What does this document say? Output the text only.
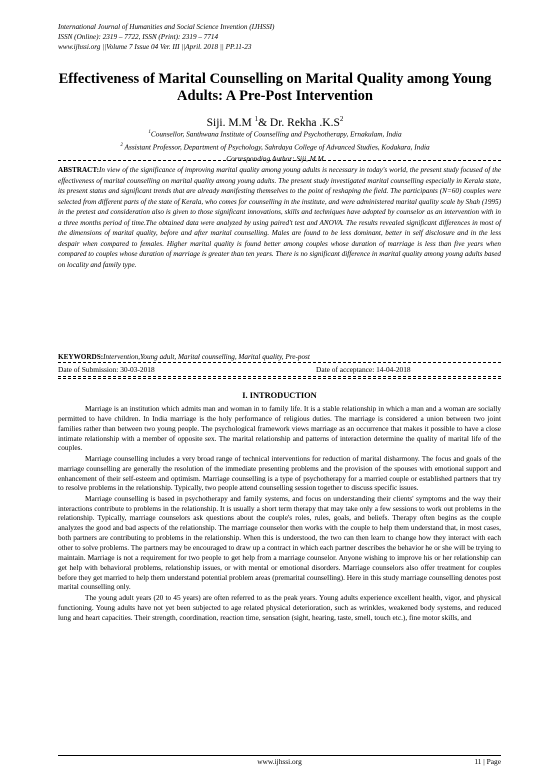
International Journal of Humanities and Social Science Invention (IJHSSI)
ISSN (Online): 2319 – 7722, ISSN (Print): 2319 – 7714
www.ijhssi.org ||Volume 7 Issue 04 Ver. III ||April. 2018 || PP.11-23
Effectiveness of Marital Counselling on Marital Quality among Young Adults: A Pre-Post Intervention
Siji. M.M $^1$& Dr. Rekha $.K.S^2$
$^1$Counsellor, Santhwana Institute of Counselling and Psychotherapy, Ernakulam, India
$^2$ Assistant Professor, Department of Psychology, Sahrdaya College of Advanced Studies, Kodakara, India
Corresponding Author: Siji, M.M
ABSTRACT:In view of the significance of improving marital quality among young adults is necessary in today's world, the present study focused of the effectiveness of marital counselling on marital quality among young adults. The present study investigated marital counselling especially in Kerala state, its present status and significant trends that are already manifesting themselves to the point of reshaping the field. The participants (N=60) couples were selected from different parts of the state of Kerala, who comes for counselling in the institute, and were administered marital quality scale by Shah (1995) in the pretest and consideration also is given to those significant innovations, skills and techniques have adopted by counselor as an intervention with in a three months period of time.The obtained data were analyzed by using paired't test and ANOVA. The results revealed significant differences in most of the dimensions of marital quality, before and after marital counselling. Males are found to be less dominant, better in self disclosure and in the less despair when compared to females. Higher marital quality is found better among couples whose duration of marriage is less than five years when compared to couples whose duration of marriage is greater than ten years. There is no significant difference in marital quality among young adults based on locality and family type.
KEYWORDS:Intervention,Young adult, Marital counselling, Marital quality, Pre-post
Date of Submission: 30-03-2018	Date of acceptance: 14-04-2018
I. INTRODUCTION

Marriage is an institution which admits man and woman in to family life. It is a stable relationship in which a man and a woman are socially permitted to have children. In India marriage is the holy performance of religious duties. The marriage is considered a union between two joint families rather than between two young people. The psychological framework views marriage as an occurrence that makes it possible to have a close intimate relationship with a member of opposite sex. The marital relationship and patterns of interaction determine the quality of marital life of the couples.

Marriage counselling includes a very broad range of technical interventions for reduction of marital disharmony. The focus and goals of the marriage counselling are generally the resolution of the immediate presenting problems and the provision of the spouses with emotional support and enhancement of their self-esteem and optimism. Marriage counselling is a type of psychotherapy for a married couple or established partners that try to resolve problems in the relationship. Typically, two people attend counselling session together to discuss specific issues.

Marriage counselling is based in psychotherapy and family systems, and focus on understanding their clients' symptoms and the way their interactions contribute to problems in the relationship. It is usually a short term therapy that may take only a few sessions to work out problems in the relationship. Typically, marriage counselors ask questions about the couple's roles, rules, goals, and beliefs. Therapy often begins as the couple analyzes the good and bad aspects of the relationship. The marriage counselor then works with the couple to help them understand that, in most cases, both partners are contributing to problems in the relationship. When this is understood, the two can then learn to change how they interact with each other to solve problems. The partners may be encouraged to draw up a contract in which each partner describes the behavior he or she will be trying to maintain. Marriage is not a requirement for two people to get help from a marriage counselor. Anyone wishing to improve his or her relationship can get help with behavioral problems, relationship issues, or with mental or emotional disorders. Marriage counselors also offer treatment for couples before they get married to help them understand potential problem areas (premarital counselling). Here in this study marriage counselling denotes post marital counselling only.

The young adult years (20 to 45 years) are often referred to as the peak years. Young adults experience excellent health, vigor, and physical functioning. Young adults have not yet been subjected to age related physical deterioration, such as wrinkles, weakened body systems, and reduced lung and heart capacities. Their strength, coordination, reaction time, sensation (sight, hearing, taste, smell, touch etc.), fine motor skills, and

www.ijhssi.org	11 | Page
